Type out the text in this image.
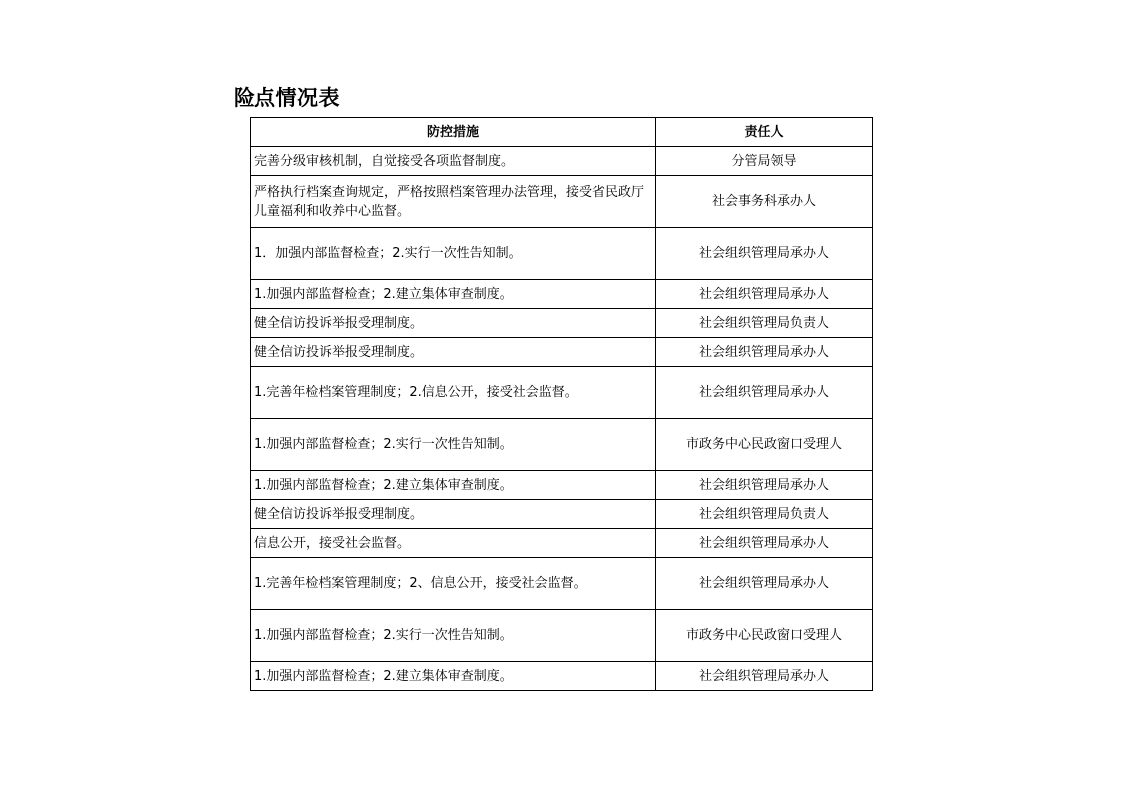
险点情况表
防控措施	责任人
完善分级审核机制，自觉接受各项监督制度。	分管局领导
严格执行档案查询规定，严格按照档案管理办法管理，接受省民政厅儿童福利和收养中心监督。	社会事务科承办人
1．加强内部监督检查；2.实行一次性告知制。	社会组织管理局承办人
1.加强内部监督检查；2.建立集体审查制度。	社会组织管理局承办人
健全信访投诉举报受理制度。	社会组织管理局负责人
健全信访投诉举报受理制度。	社会组织管理局承办人
1.完善年检档案管理制度；2.信息公开，接受社会监督。	社会组织管理局承办人
1.加强内部监督检查；2.实行一次性告知制。	市政务中心民政窗口受理人
1.加强内部监督检查；2.建立集体审查制度。	社会组织管理局承办人
健全信访投诉举报受理制度。	社会组织管理局负责人
信息公开，接受社会监督。	社会组织管理局承办人
1.完善年检档案管理制度；2、信息公开，接受社会监督。	社会组织管理局承办人
1.加强内部监督检查；2.实行一次性告知制。	市政务中心民政窗口受理人
1.加强内部监督检查；2.建立集体审查制度。	社会组织管理局承办人
